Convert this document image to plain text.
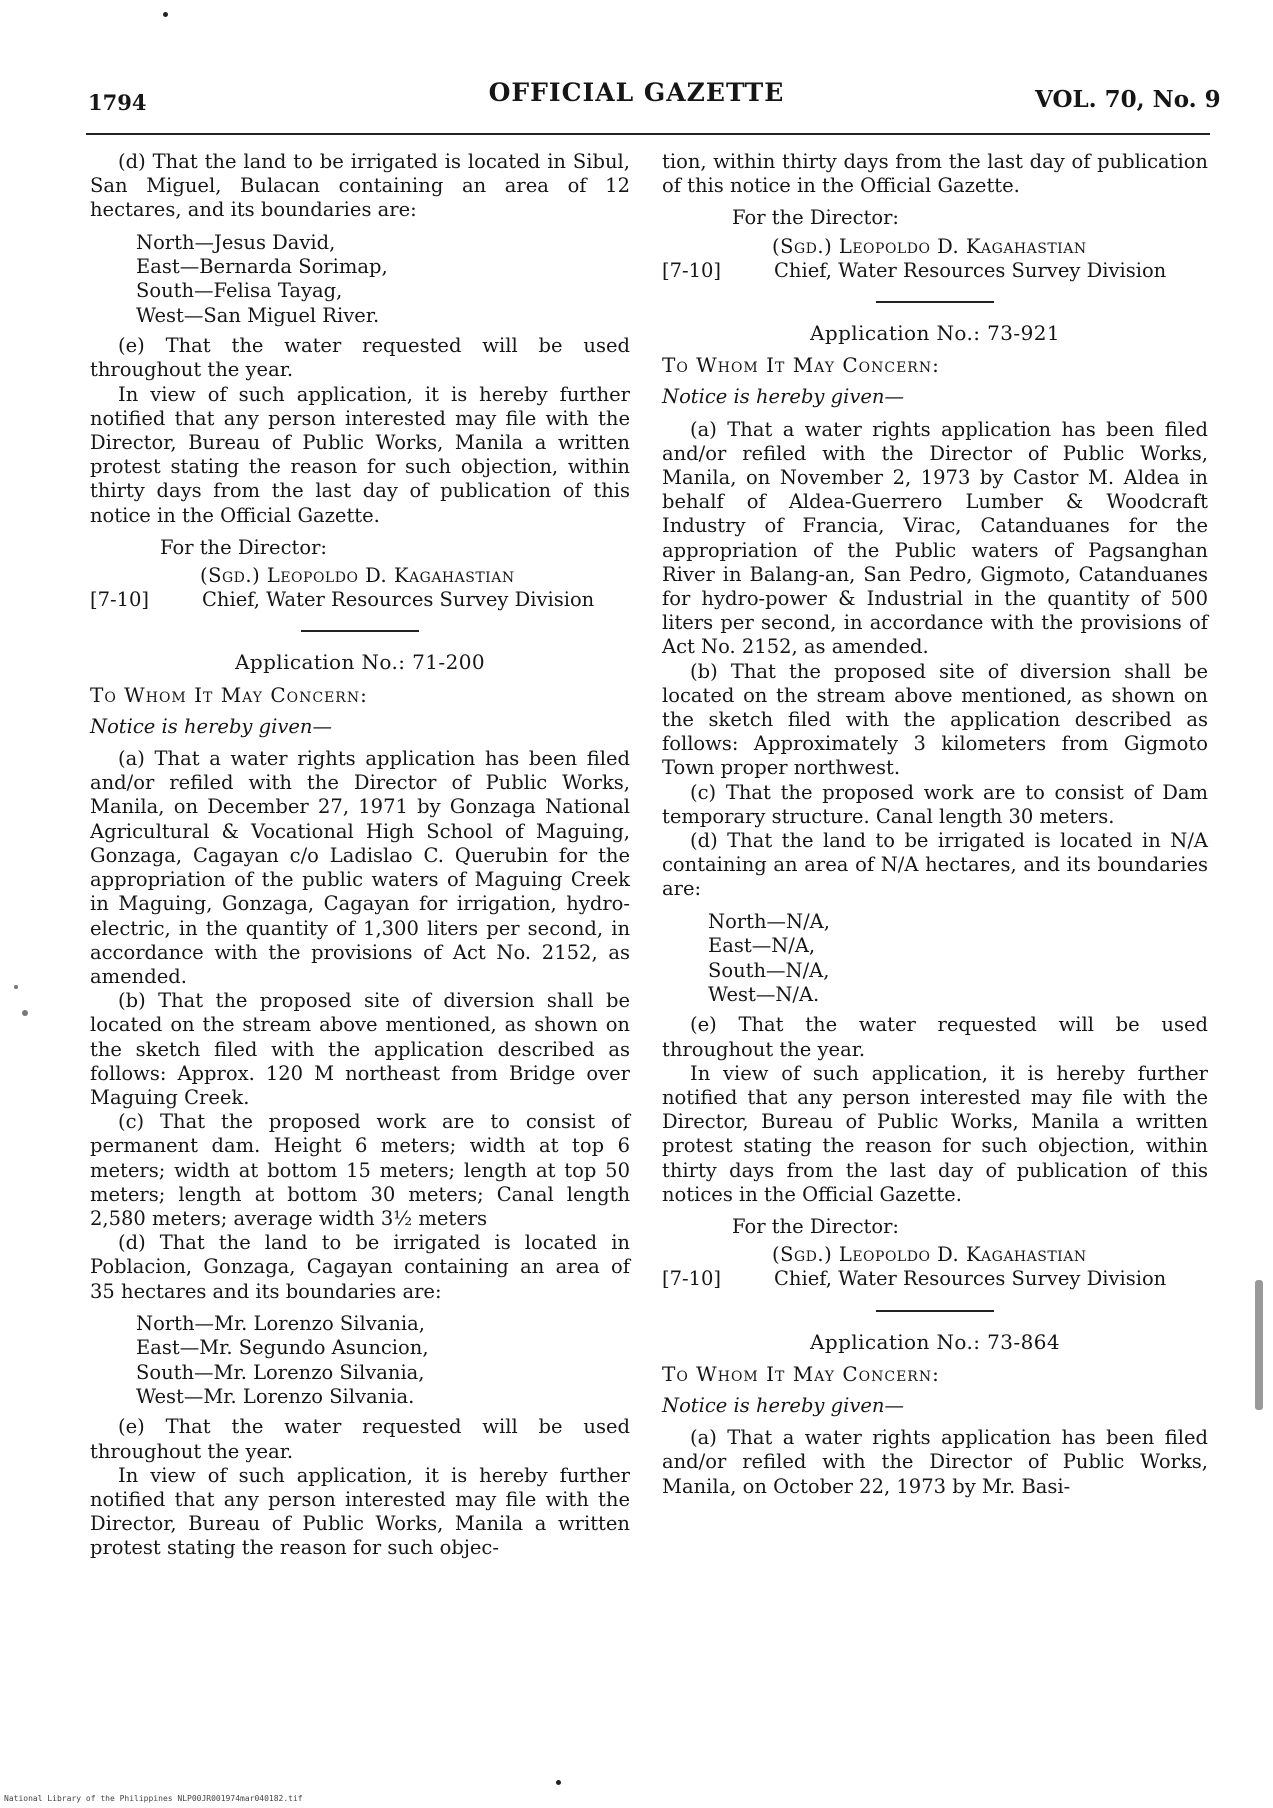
1794	OFFICIAL GAZETTE	VOL. 70, No. 9

(d) That the land to be irrigated is located in Sibul, San Miguel, Bulacan containing an area of 12 hectares, and its boundaries are:

North—Jesus David,
East—Bernarda Sorimap,
South—Felisa Tayag,
West—San Miguel River.

(e) That the water requested will be used throughout the year.

In view of such application, it is hereby further notified that any person interested may file with the Director, Bureau of Public Works, Manila a written protest stating the reason for such objection, within thirty days from the last day of publication of this notice in the Official Gazette.

For the Director:
(Sgd.) Leopoldo D. Kagahastian
[7-10]	Chief, Water Resources Survey Division
Application No.: 71-200
To Whom It May Concern:
Notice is hereby given—

(a) That a water rights application has been filed and/or refiled with the Director of Public Works, Manila, on December 27, 1971 by Gonzaga National Agricultural & Vocational High School of Maguing, Gonzaga, Cagayan c/o Ladislao C. Querubin for the appropriation of the public waters of Maguing Creek in Maguing, Gonzaga, Cagayan for irrigation, hydro-electric, in the quantity of 1,300 liters per second, in accordance with the provisions of Act No. 2152, as amended.

(b) That the proposed site of diversion shall be located on the stream above mentioned, as shown on the sketch filed with the application described as follows: Approx. 120 M northeast from Bridge over Maguing Creek.

(c) That the proposed work are to consist of permanent dam. Height 6 meters; width at top 6 meters; width at bottom 15 meters; length at top 50 meters; length at bottom 30 meters; Canal length 2,580 meters; average width 3½ meters

(d) That the land to be irrigated is located in Poblacion, Gonzaga, Cagayan containing an area of 35 hectares and its boundaries are:

North—Mr. Lorenzo Silvania,
East—Mr. Segundo Asuncion,
South—Mr. Lorenzo Silvania,
West—Mr. Lorenzo Silvania.

(e) That the water requested will be used throughout the year.

In view of such application, it is hereby further notified that any person interested may file with the Director, Bureau of Public Works, Manila a written protest stating the reason for such objec-

tion, within thirty days from the last day of publication of this notice in the Official Gazette.

For the Director:
(Sgd.) Leopoldo D. Kagahastian
[7-10]	Chief, Water Resources Survey Division
Application No.: 73-921
To Whom It May Concern:
Notice is hereby given—

(a) That a water rights application has been filed and/or refiled with the Director of Public Works, Manila, on November 2, 1973 by Castor M. Aldea in behalf of Aldea-Guerrero Lumber & Woodcraft Industry of Francia, Virac, Catanduanes for the appropriation of the Public waters of Pagsanghan River in Balang-an, San Pedro, Gigmoto, Catanduanes for hydro-power & Industrial in the quantity of 500 liters per second, in accordance with the provisions of Act No. 2152, as amended.

(b) That the proposed site of diversion shall be located on the stream above mentioned, as shown on the sketch filed with the application described as follows: Approximately 3 kilometers from Gigmoto Town proper northwest.

(c) That the proposed work are to consist of Dam temporary structure. Canal length 30 meters.

(d) That the land to be irrigated is located in N/A containing an area of N/A hectares, and its boundaries are:

North—N/A,
East—N/A,
South—N/A,
West—N/A.

(e) That the water requested will be used throughout the year.

In view of such application, it is hereby further notified that any person interested may file with the Director, Bureau of Public Works, Manila a written protest stating the reason for such objection, within thirty days from the last day of publication of this notices in the Official Gazette.

For the Director:
(Sgd.) Leopoldo D. Kagahastian
[7-10]	Chief, Water Resources Survey Division
Application No.: 73-864
To Whom It May Concern:
Notice is hereby given—

(a) That a water rights application has been filed and/or refiled with the Director of Public Works, Manila, on October 22, 1973 by Mr. Basi-

National Library of the Philippines NLP00JR001974mar040182.tif
